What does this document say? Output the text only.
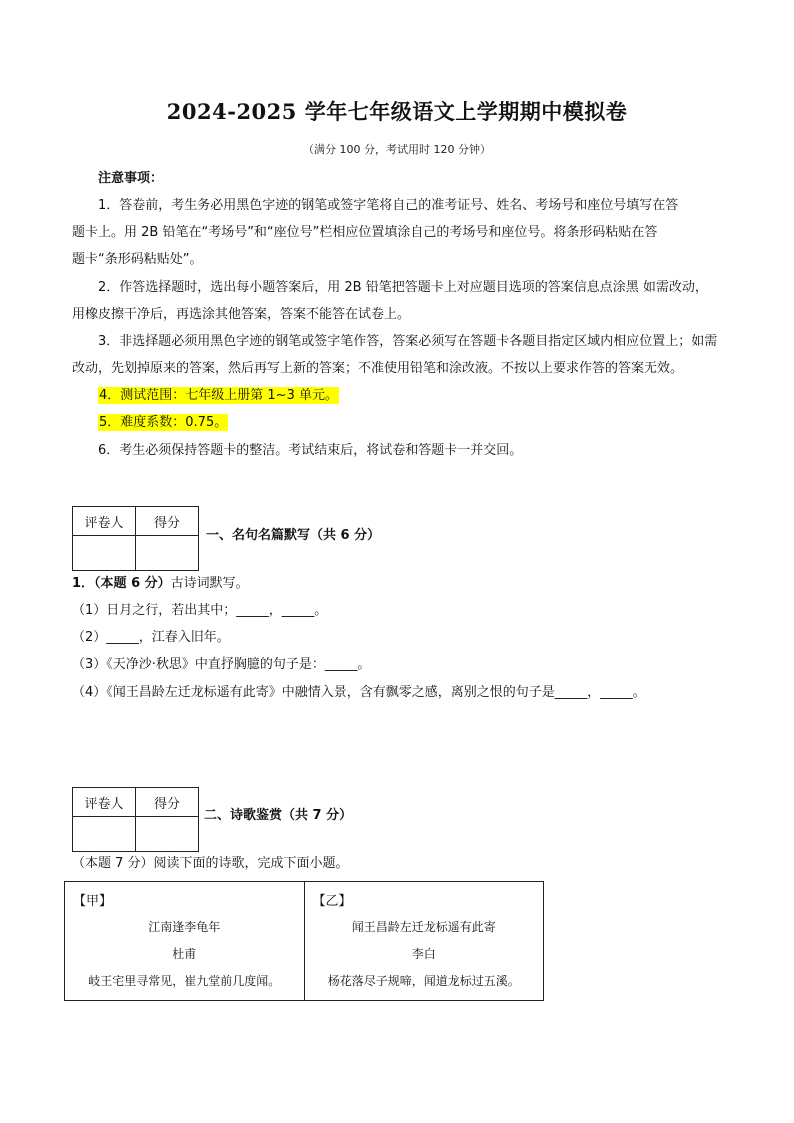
2024-2025 学年七年级语文上学期期中模拟卷
（满分 100 分，考试用时 120 分钟）
注意事项：
1．答卷前，考生务必用黑色字迹的钢笔或签字笔将自己的准考证号、姓名、考场号和座位号填写在答
题卡上。用 2B 铅笔在“考场号”和“座位号”栏相应位置填涂自己的考场号和座位号。将条形码粘贴在答
题卡“条形码粘贴处”。
2．作答选择题时，选出每小题答案后，用 2B 铅笔把答题卡上对应题目选项的答案信息点涂黑 如需改动，
用橡皮擦干净后，再选涂其他答案，答案不能答在试卷上。
3．非选择题必须用黑色字迹的钢笔或签字笔作答，答案必须写在答题卡各题目指定区域内相应位置上；如需
改动，先划掉原来的答案，然后再写上新的答案；不准使用铅笔和涂改液。不按以上要求作答的答案无效。
4．测试范围：七年级上册第 1~3 单元。
5．难度系数：0.75。
6．考生必须保持答题卡的整洁。考试结束后，将试卷和答题卡一并交回。
评卷人	得分

一、名句名篇默写（共 6 分）
1．（本题 6 分）古诗词默写。
（1）日月之行，若出其中；_____，_____。
（2）_____，江春入旧年。
（3）《天净沙·秋思》中直抒胸臆的句子是：_____。
（4）《闻王昌龄左迁龙标遥有此寄》中融情入景，含有飘零之感，离别之恨的句子是_____，_____。
评卷人	得分

二、诗歌鉴赏（共 7 分）
（本题 7 分）阅读下面的诗歌，完成下面小题。
【甲】
江南逢李龟年
杜甫
岐王宅里寻常见，崔九堂前几度闻。

【乙】
闻王昌龄左迁龙标遥有此寄
李白
杨花落尽子规啼，闻道龙标过五溪。
